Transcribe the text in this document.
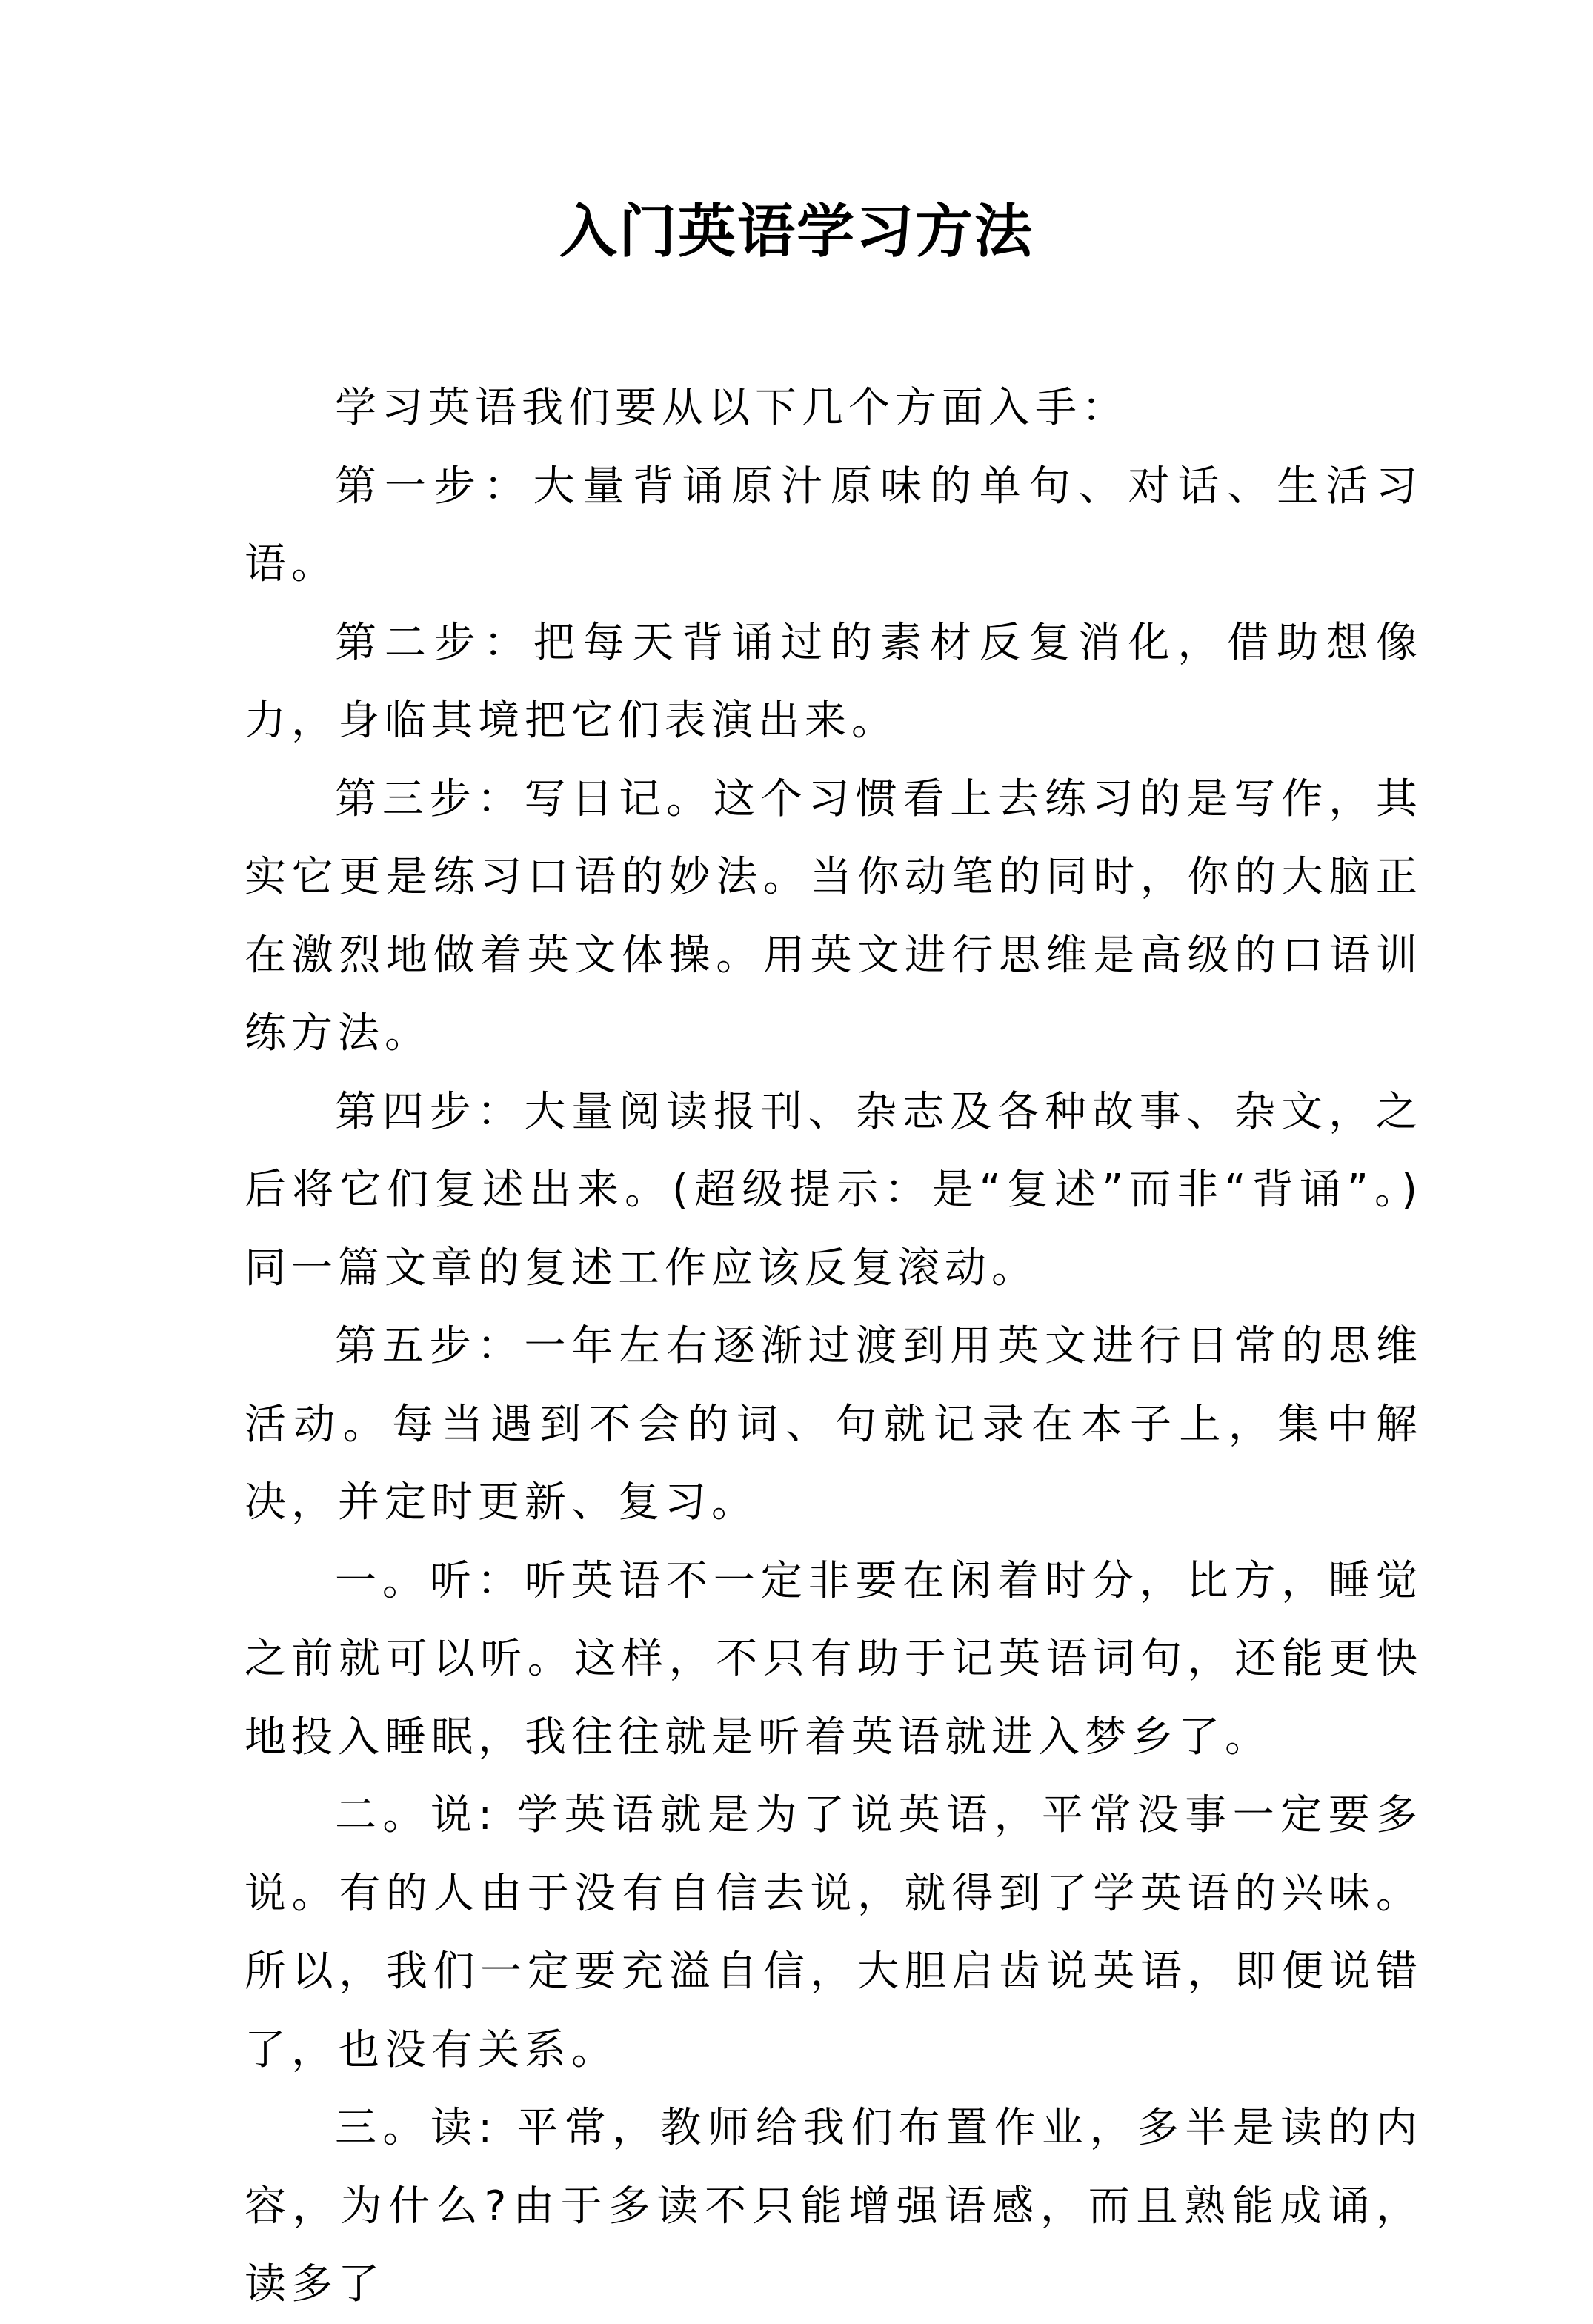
入门英语学习方法

学习英语我们要从以下几个方面入手：

第一步：大量背诵原汁原味的单句、对话、生活习语。

第二步：把每天背诵过的素材反复消化，借助想像力，身临其境把它们表演出来。

第三步：写日记。这个习惯看上去练习的是写作，其实它更是练习口语的妙法。当你动笔的同时，你的大脑正在激烈地做着英文体操。用英文进行思维是高级的口语训练方法。

第四步：大量阅读报刊、杂志及各种故事、杂文，之后将它们复述出来。(超级提示：是“复述”而非“背诵”。) 同一篇文章的复述工作应该反复滚动。

第五步：一年左右逐渐过渡到用英文进行日常的思维活动。每当遇到不会的词、句就记录在本子上，集中解决，并定时更新、复习。

一。听：听英语不一定非要在闲着时分，比方，睡觉之前就可以听。这样，不只有助于记英语词句，还能更快地投入睡眠，我往往就是听着英语就进入梦乡了。

二。说: 学英语就是为了说英语，平常没事一定要多说。有的人由于没有自信去说，就得到了学英语的兴味。所以，我们一定要充溢自信，大胆启齿说英语，即便说错了，也没有关系。

三。读: 平常，教师给我们布置作业，多半是读的内容，为什么?由于多读不只能增强语感，而且熟能成诵，读多了
